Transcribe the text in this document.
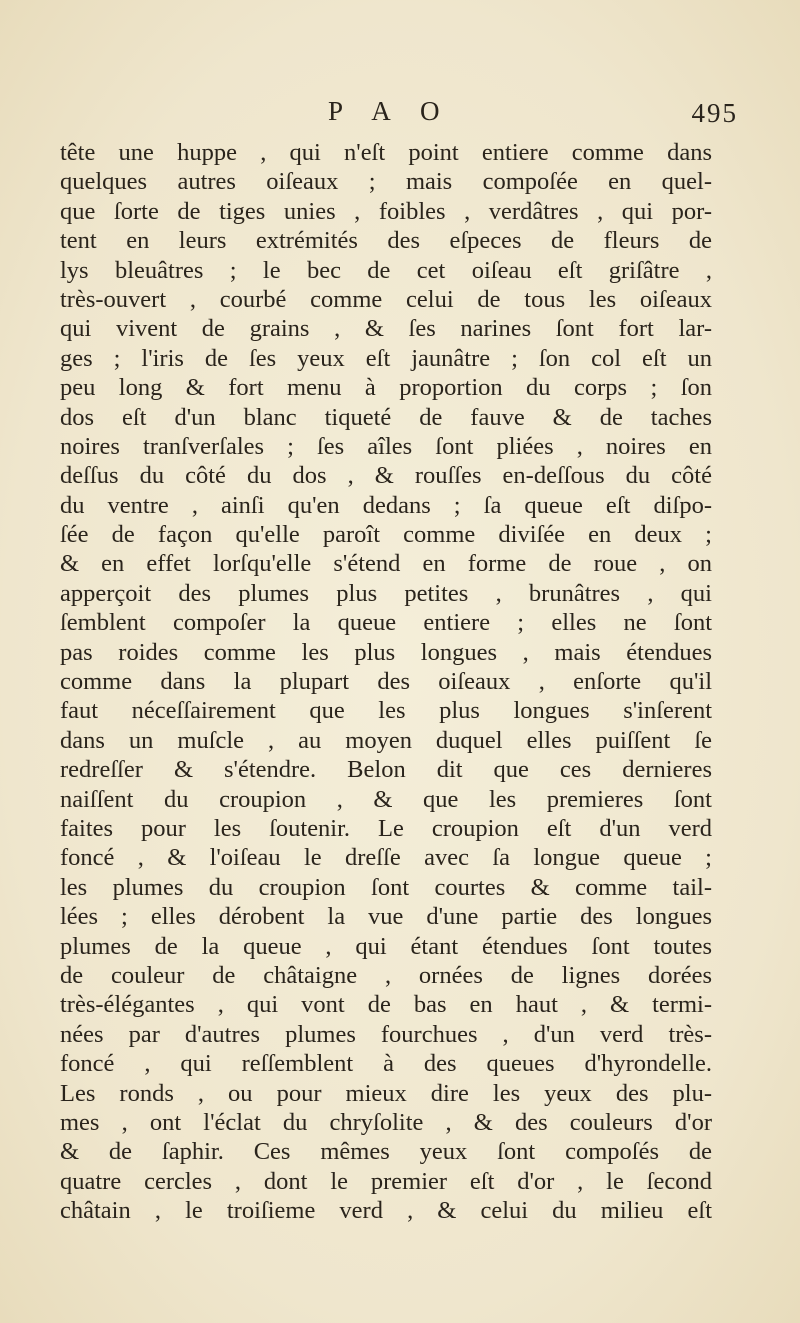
P A O	495
tête une huppe , qui n'eſt point entiere comme dans
quelques autres oiſeaux ; mais compoſée en quel-
que ſorte de tiges unies , foibles , verdâtres , qui por-
tent en leurs extrémités des eſpeces de fleurs de
lys bleuâtres ; le bec de cet oiſeau eſt griſâtre ,
très-ouvert , courbé comme celui de tous les oiſeaux
qui vivent de grains , & ſes narines ſont fort lar-
ges ; l'iris de ſes yeux eſt jaunâtre ; ſon col eſt un
peu long & fort menu à proportion du corps ; ſon
dos eſt d'un blanc tiqueté de fauve & de taches
noires tranſverſales ; ſes aîles ſont pliées , noires en
deſſus du côté du dos , & rouſſes en-deſſous du côté
du ventre , ainſi qu'en dedans ; ſa queue eſt diſpo-
ſée de façon qu'elle paroît comme diviſée en deux ;
& en effet lorſqu'elle s'étend en forme de roue , on
apperçoit des plumes plus petites , brunâtres , qui
ſemblent compoſer la queue entiere ; elles ne ſont
pas roides comme les plus longues , mais étendues
comme dans la plupart des oiſeaux , enſorte qu'il
faut néceſſairement que les plus longues s'inſerent
dans un muſcle , au moyen duquel elles puiſſent ſe
redreſſer & s'étendre. Belon dit que ces dernieres
naiſſent du croupion , & que les premieres ſont
faites pour les ſoutenir. Le croupion eſt d'un verd
foncé , & l'oiſeau le dreſſe avec ſa longue queue ;
les plumes du croupion ſont courtes & comme tail-
lées ; elles dérobent la vue d'une partie des longues
plumes de la queue , qui étant étendues ſont toutes
de couleur de châtaigne , ornées de lignes dorées
très-élégantes , qui vont de bas en haut , & termi-
nées par d'autres plumes fourchues , d'un verd très-
foncé , qui reſſemblent à des queues d'hyrondelle.
Les ronds , ou pour mieux dire les yeux des plu-
mes , ont l'éclat du chryſolite , & des couleurs d'or
& de ſaphir. Ces mêmes yeux ſont compoſés de
quatre cercles , dont le premier eſt d'or , le ſecond
châtain , le troiſieme verd , & celui du milieu eſt
